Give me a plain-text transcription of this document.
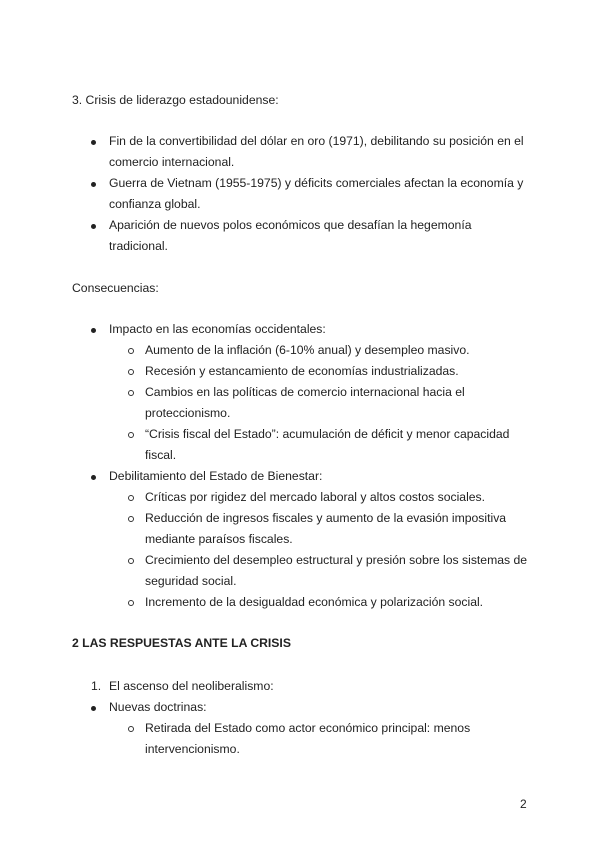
3. Crisis de liderazgo estadounidense:
Fin de la convertibilidad del dólar en oro (1971), debilitando su posición en el
comercio internacional.
Guerra de Vietnam (1955-1975) y déficits comerciales afectan la economía y
confianza global.
Aparición de nuevos polos económicos que desafían la hegemonía
tradicional.
Consecuencias:
Impacto en las economías occidentales:
Aumento de la inflación (6-10% anual) y desempleo masivo.
Recesión y estancamiento de economías industrializadas.
Cambios en las políticas de comercio internacional hacia el
proteccionismo.
“Crisis fiscal del Estado”: acumulación de déficit y menor capacidad
fiscal.
Debilitamiento del Estado de Bienestar:
Críticas por rigidez del mercado laboral y altos costos sociales.
Reducción de ingresos fiscales y aumento de la evasión impositiva
mediante paraísos fiscales.
Crecimiento del desempleo estructural y presión sobre los sistemas de
seguridad social.
Incremento de la desigualdad económica y polarización social.
2 LAS RESPUESTAS ANTE LA CRISIS
1. El ascenso del neoliberalismo:
Nuevas doctrinas:
Retirada del Estado como actor económico principal: menos
intervencionismo.
2
